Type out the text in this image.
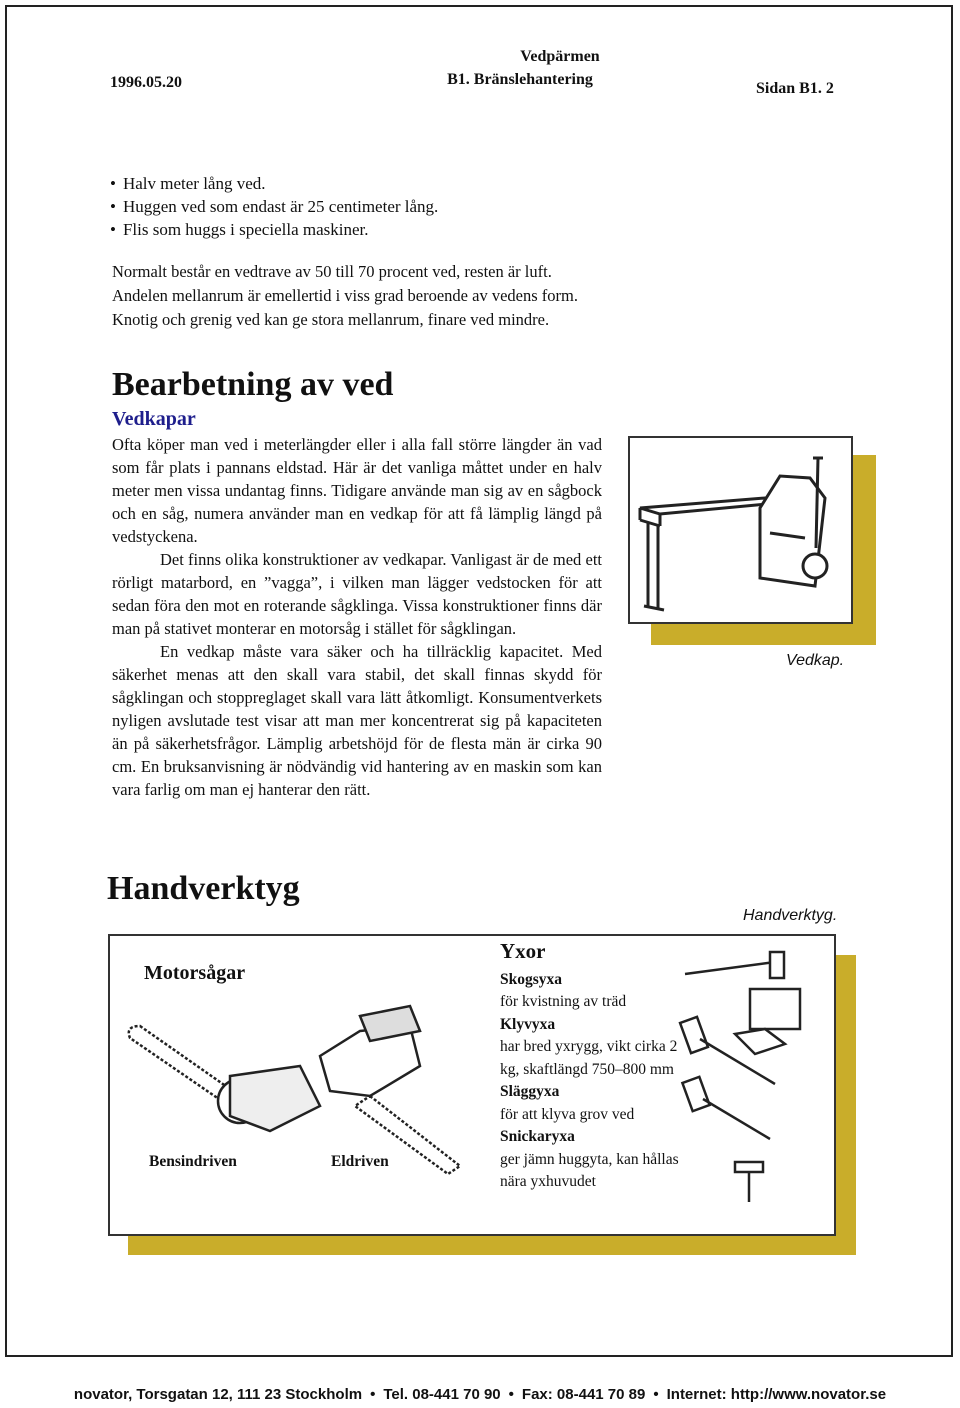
1996.05.20
Vedpärmen
B1. Bränslehantering
Sidan B1. 2
• Halv meter lång ved.
• Huggen ved som endast är 25 centimeter lång.
• Flis som huggs i speciella maskiner.
Normalt består en vedtrave av 50 till 70 procent ved, resten är luft.
Andelen mellanrum är emellertid i viss grad beroende av vedens form.
Knotig och grenig ved kan ge stora mellanrum, finare ved mindre.
Bearbetning av ved
Vedkapar

Ofta köper man ved i meterlängder eller i alla fall större längder än vad som får plats i pannans eldstad. Här är det vanliga måttet under en halv meter men vissa undantag finns. Tidigare använde man sig av en sågbock och en såg, numera använder man en vedkap för att få lämplig längd på vedstyckena.

Det finns olika konstruktioner av vedkapar. Vanligast är de med ett rörligt matarbord, en ”vagga”, i vilken man lägger vedstocken för att sedan föra den mot en roterande sågklinga. Vissa konstruktioner finns där man på stativet monterar en motorsåg i stället för sågklingan.

En vedkap måste vara säker och ha tillräcklig kapacitet. Med säkerhet menas att den skall vara stabil, det skall finnas skydd för sågklingan och stoppreglaget skall vara lätt åtkomligt. Konsumentverkets nyligen avslutade test visar att man mer koncentrerat sig på kapaciteten än på säkerhetsfrågor. Lämplig arbetshöjd för de flesta män är cirka 90 cm. En bruksanvisning är nödvändig vid hantering av en maskin som kan vara farlig om man ej hanterar den rätt.

Vedkap.
Handverktyg
Handverktyg.
Motorsågar
Bensindriven	Eldriven
Yxor
Skogsyxa
för kvistning av träd
Klyvyxa
har bred yxrygg, vikt cirka 2 kg, skaftlängd 750–800 mm
Släggyxa
för att klyva grov ved
Snickaryxa
ger jämn huggyta, kan hållas nära yxhuvudet
novator, Torsgatan 12, 111 23 Stockholm • Tel. 08-441 70 90 • Fax: 08-441 70 89 • Internet: http://www.novator.se
